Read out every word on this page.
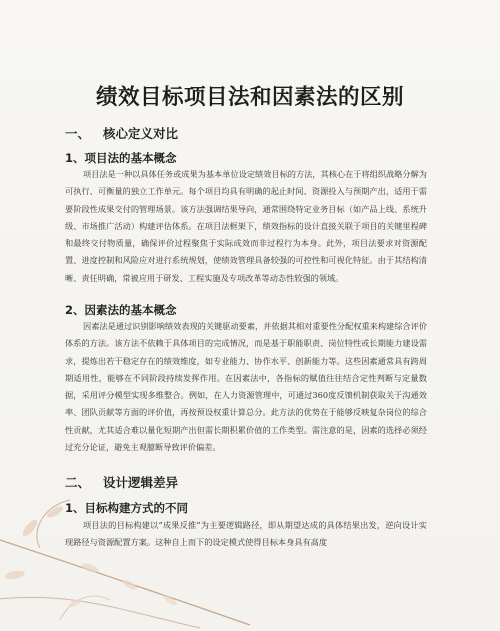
绩效目标项目法和因素法的区别
一、 核心定义对比
1、项目法的基本概念

项目法是一种以具体任务或成果为基本单位设定绩效目标的方法，其核心在于将组织战略分解为可执行、可衡量的独立工作单元。每个项目均具有明确的起止时间、资源投入与预期产出，适用于需要阶段性成果交付的管理场景。该方法强调结果导向，通常围绕特定业务目标（如产品上线、系统升级、市场推广活动）构建评估体系。在项目法框架下，绩效指标的设计直接关联于项目的关键里程碑和最终交付物质量，确保评价过程聚焦于实际成效而非过程行为本身。此外，项目法要求对资源配置、进度控制和风险应对进行系统规划，使绩效管理具备较强的可控性和可视化特征。由于其结构清晰、责任明确，常被应用于研发、工程实施及专项改革等动态性较强的领域。

2、因素法的基本概念

因素法是通过识别影响绩效表现的关键驱动要素，并依据其相对重要性分配权重来构建综合评价体系的方法。该方法不依赖于具体项目的完成情况，而是基于职能职责、岗位特性或长期能力建设需求，提炼出若干稳定存在的绩效维度，如专业能力、协作水平、创新能力等。这些因素通常具有跨周期适用性，能够在不同阶段持续发挥作用。在因素法中，各指标的赋值往往结合定性判断与定量数据，采用评分模型实现多维整合。例如，在人力资源管理中，可通过360度反馈机制获取关于沟通效率、团队贡献等方面的评价值，再按预设权重计算总分。此方法的优势在于能够反映复杂岗位的综合性贡献，尤其适合难以量化短期产出但需长期积累价值的工作类型。需注意的是，因素的选择必须经过充分论证，避免主观臆断导致评价偏差。

二、 设计逻辑差异
1、目标构建方式的不同

项目法的目标构建以“成果反推”为主要逻辑路径，即从期望达成的具体结果出发，逆向设计实现路径与资源配置方案。这种自上而下的设定模式使得目标本身具有高度
